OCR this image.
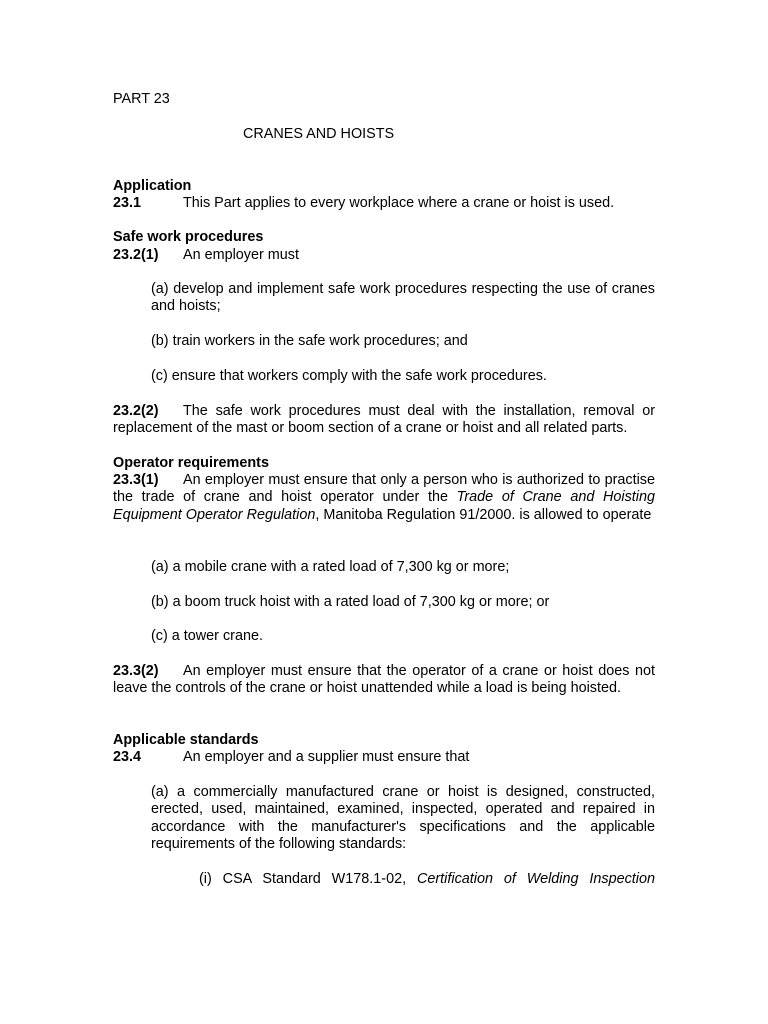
PART 23

CRANES AND HOISTS

Application

23.1	This Part applies to every workplace where a crane or hoist is used.

Safe work procedures

23.2(1) An employer must

(a) develop and implement safe work procedures respecting the use of cranes and hoists;

(b) train workers in the safe work procedures; and

(c) ensure that workers comply with the safe work procedures.

23.2(2) The safe work procedures must deal with the installation, removal or replacement of the mast or boom section of a crane or hoist and all related parts.

Operator requirements

23.3(1) An employer must ensure that only a person who is authorized to practise the trade of crane and hoist operator under the Trade of Crane and Hoisting Equipment Operator Regulation, Manitoba Regulation 91/2000. is allowed to operate

(a) a mobile crane with a rated load of 7,300 kg or more;

(b) a boom truck hoist with a rated load of 7,300 kg or more; or

(c) a tower crane.

23.3(2) An employer must ensure that the operator of a crane or hoist does not leave the controls of the crane or hoist unattended while a load is being hoisted.

Applicable standards

23.4	An employer and a supplier must ensure that

(a) a commercially manufactured crane or hoist is designed, constructed, erected, used, maintained, examined, inspected, operated and repaired in accordance with the manufacturer's specifications and the applicable requirements of the following standards:

(i) CSA Standard W178.1-02, Certification of Welding Inspection
